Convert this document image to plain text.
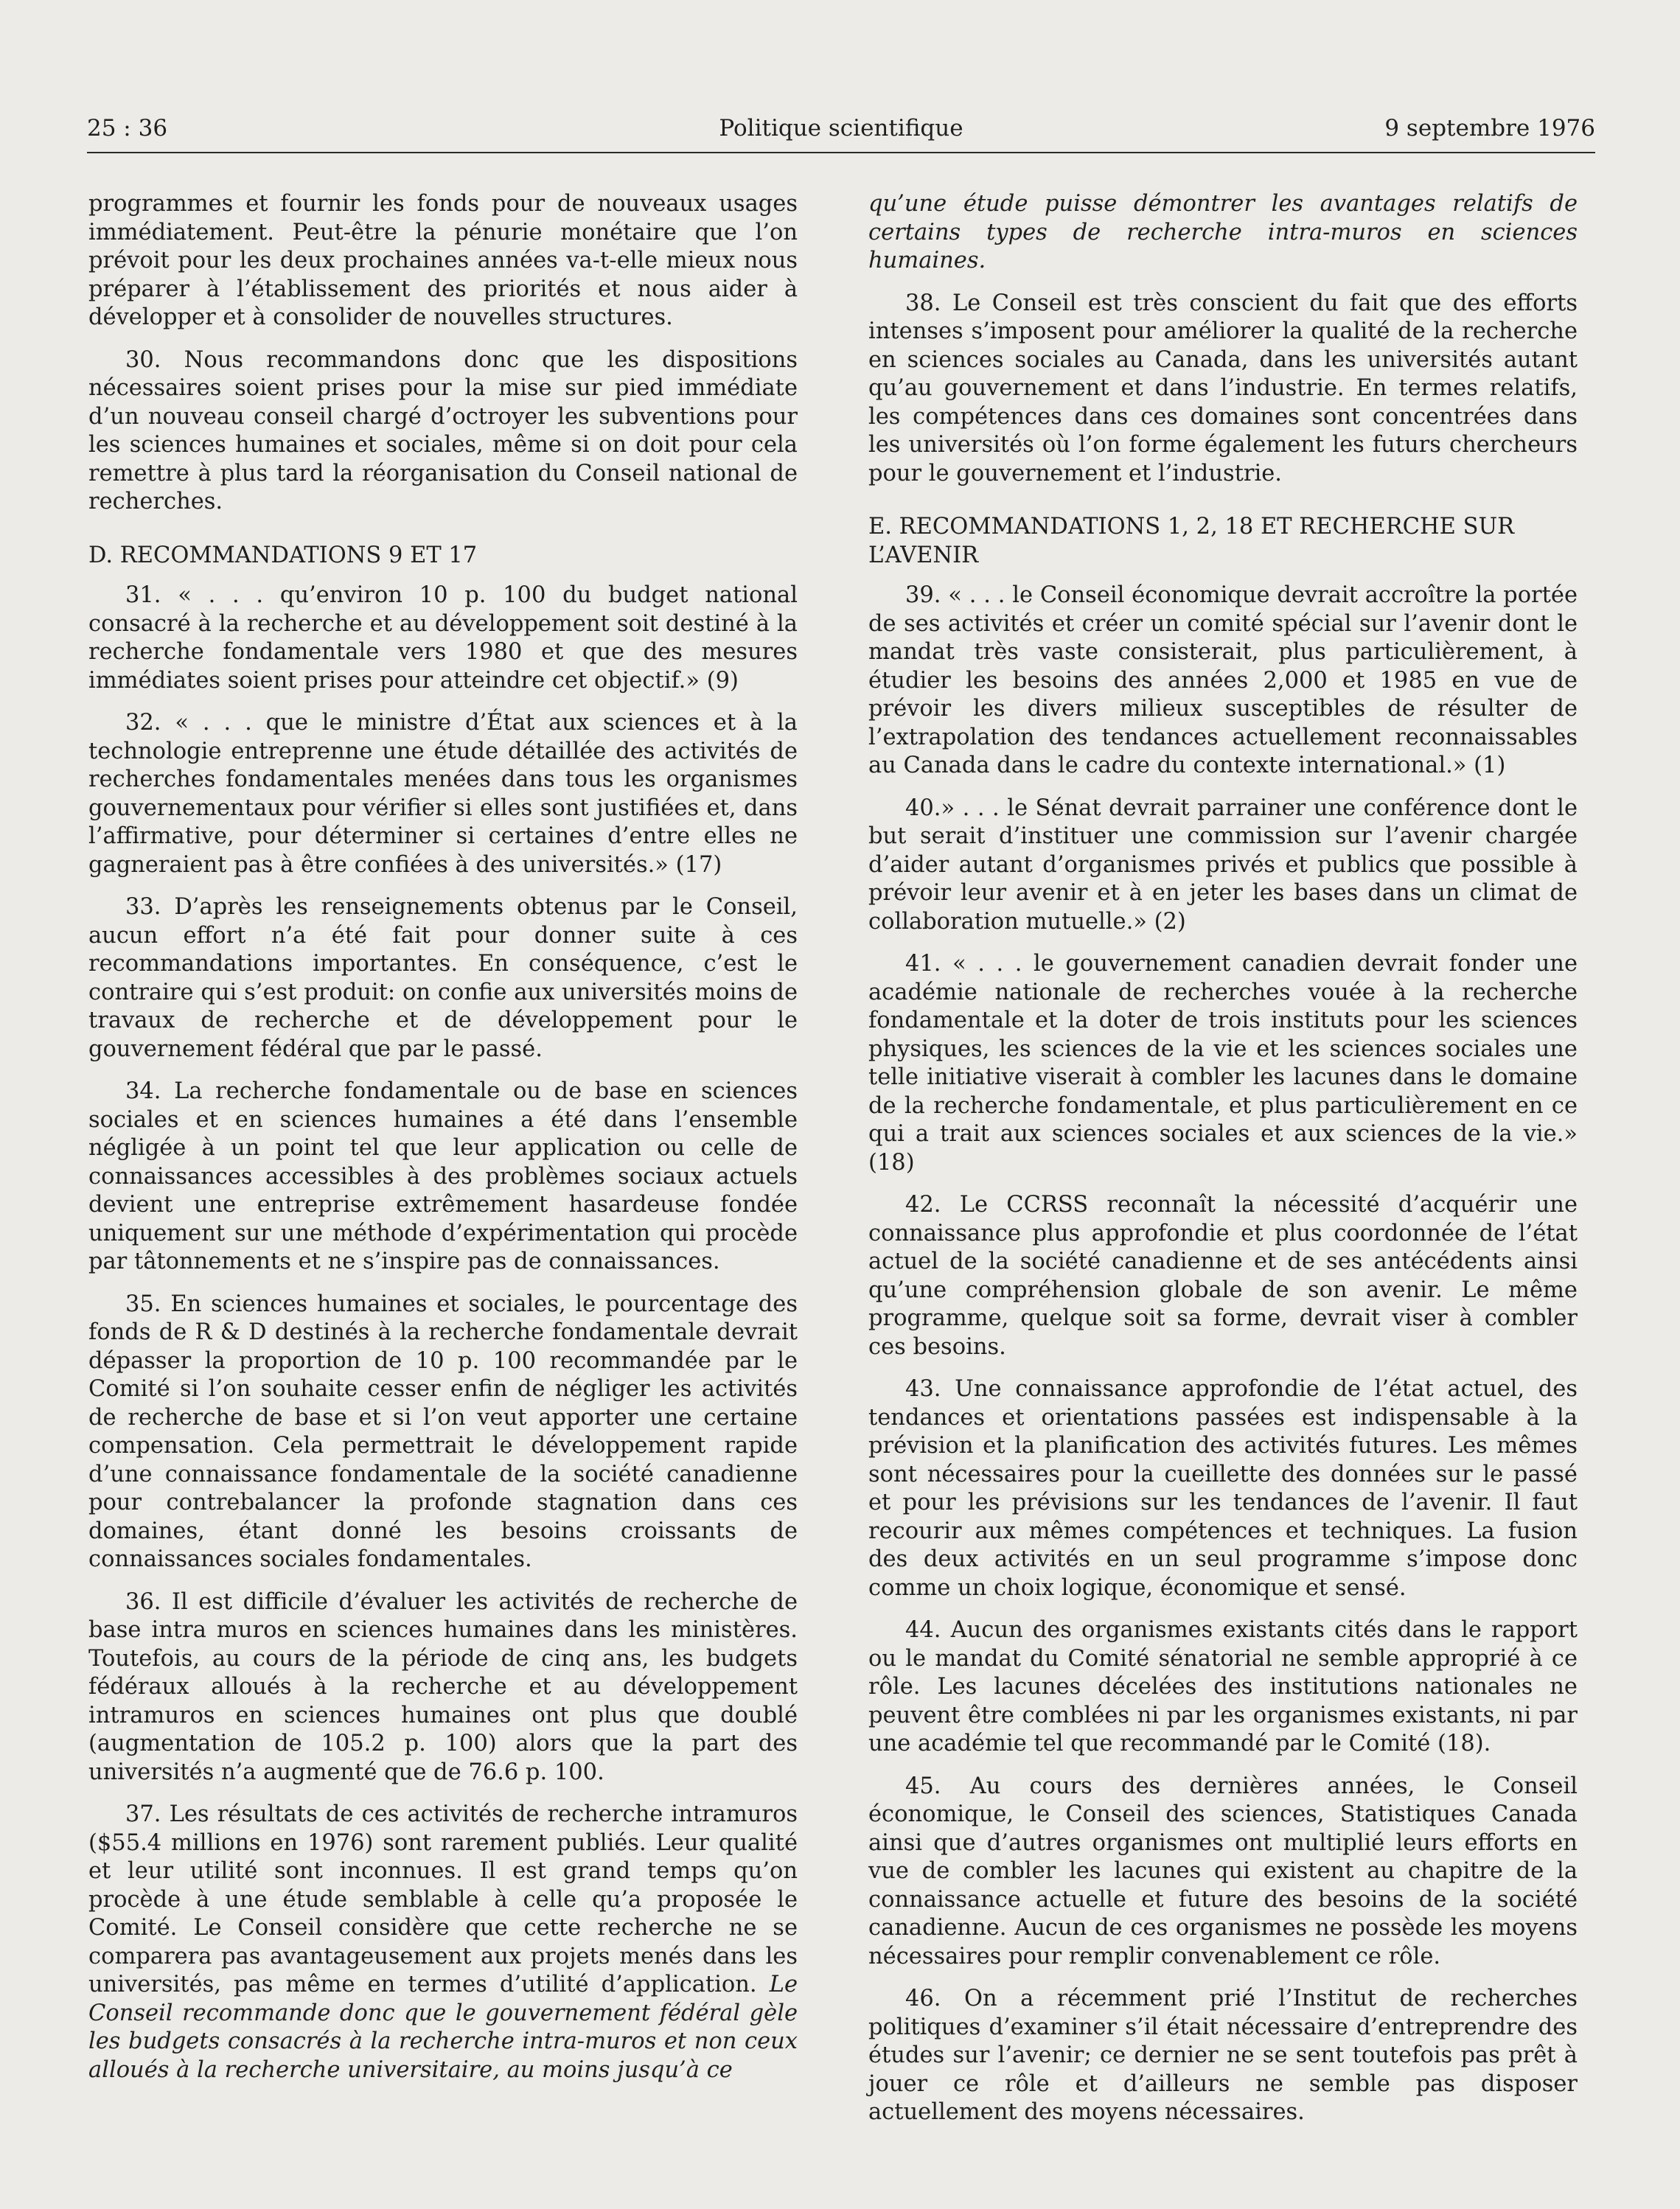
25 : 36	Politique scientifique	9 septembre 1976

programmes et fournir les fonds pour de nouveaux usages immédiatement. Peut-être la pénurie monétaire que l’on prévoit pour les deux prochaines années va-t-elle mieux nous préparer à l’établissement des priorités et nous aider à développer et à consolider de nouvelles structures.

30. Nous recommandons donc que les dispositions nécessaires soient prises pour la mise sur pied immédiate d’un nouveau conseil chargé d’octroyer les subventions pour les sciences humaines et sociales, même si on doit pour cela remettre à plus tard la réorganisation du Conseil national de recherches.

D. RECOMMANDATIONS 9 ET 17

31. « . . . qu’environ 10 p. 100 du budget national consacré à la recherche et au développement soit destiné à la recherche fondamentale vers 1980 et que des mesures immédiates soient prises pour atteindre cet objectif.» (9)

32. « . . . que le ministre d’État aux sciences et à la technologie entreprenne une étude détaillée des activités de recherches fondamentales menées dans tous les organismes gouvernementaux pour vérifier si elles sont justifiées et, dans l’affirmative, pour déterminer si certaines d’entre elles ne gagneraient pas à être confiées à des universités.» (17)

33. D’après les renseignements obtenus par le Conseil, aucun effort n’a été fait pour donner suite à ces recommandations importantes. En conséquence, c’est le contraire qui s’est produit: on confie aux universités moins de travaux de recherche et de développement pour le gouvernement fédéral que par le passé.

34. La recherche fondamentale ou de base en sciences sociales et en sciences humaines a été dans l’ensemble négligée à un point tel que leur application ou celle de connaissances accessibles à des problèmes sociaux actuels devient une entreprise extrêmement hasardeuse fondée uniquement sur une méthode d’expérimentation qui procède par tâtonnements et ne s’inspire pas de connaissances.

35. En sciences humaines et sociales, le pourcentage des fonds de R & D destinés à la recherche fondamentale devrait dépasser la proportion de 10 p. 100 recommandée par le Comité si l’on souhaite cesser enfin de négliger les activités de recherche de base et si l’on veut apporter une certaine compensation. Cela permettrait le développement rapide d’une connaissance fondamentale de la société canadienne pour contrebalancer la profonde stagnation dans ces domaines, étant donné les besoins croissants de connaissances sociales fondamentales.

36. Il est difficile d’évaluer les activités de recherche de base intra muros en sciences humaines dans les ministères. Toutefois, au cours de la période de cinq ans, les budgets fédéraux alloués à la recherche et au développement intramuros en sciences humaines ont plus que doublé (augmentation de 105.2 p. 100) alors que la part des universités n’a augmenté que de 76.6 p. 100.

37. Les résultats de ces activités de recherche intramuros ($55.4 millions en 1976) sont rarement publiés. Leur qualité et leur utilité sont inconnues. Il est grand temps qu’on procède à une étude semblable à celle qu’a proposée le Comité. Le Conseil considère que cette recherche ne se comparera pas avantageusement aux projets menés dans les universités, pas même en termes d’utilité d’application. Le Conseil recommande donc que le gouvernement fédéral gèle les budgets consacrés à la recherche intra-muros et non ceux alloués à la recherche universitaire, au moins jusqu’à ce

qu’une étude puisse démontrer les avantages relatifs de certains types de recherche intra-muros en sciences humaines.

38. Le Conseil est très conscient du fait que des efforts intenses s’imposent pour améliorer la qualité de la recherche en sciences sociales au Canada, dans les universités autant qu’au gouvernement et dans l’industrie. En termes relatifs, les compétences dans ces domaines sont concentrées dans les universités où l’on forme également les futurs chercheurs pour le gouvernement et l’industrie.

E. RECOMMANDATIONS 1, 2, 18 ET RECHERCHE SUR L’AVENIR

39. « . . . le Conseil économique devrait accroître la portée de ses activités et créer un comité spécial sur l’avenir dont le mandat très vaste consisterait, plus particulièrement, à étudier les besoins des années 2,000 et 1985 en vue de prévoir les divers milieux susceptibles de résulter de l’extrapolation des tendances actuellement reconnaissables au Canada dans le cadre du contexte international.» (1)

40.» . . . le Sénat devrait parrainer une conférence dont le but serait d’instituer une commission sur l’avenir chargée d’aider autant d’organismes privés et publics que possible à prévoir leur avenir et à en jeter les bases dans un climat de collaboration mutuelle.» (2)

41. « . . . le gouvernement canadien devrait fonder une académie nationale de recherches vouée à la recherche fondamentale et la doter de trois instituts pour les sciences physiques, les sciences de la vie et les sciences sociales une telle initiative viserait à combler les lacunes dans le domaine de la recherche fondamentale, et plus particulièrement en ce qui a trait aux sciences sociales et aux sciences de la vie.» (18)

42. Le CCRSS reconnaît la nécessité d’acquérir une connaissance plus approfondie et plus coordonnée de l’état actuel de la société canadienne et de ses antécédents ainsi qu’une compréhension globale de son avenir. Le même programme, quelque soit sa forme, devrait viser à combler ces besoins.

43. Une connaissance approfondie de l’état actuel, des tendances et orientations passées est indispensable à la prévision et la planification des activités futures. Les mêmes sont nécessaires pour la cueillette des données sur le passé et pour les prévisions sur les tendances de l’avenir. Il faut recourir aux mêmes compétences et techniques. La fusion des deux activités en un seul programme s’impose donc comme un choix logique, économique et sensé.

44. Aucun des organismes existants cités dans le rapport ou le mandat du Comité sénatorial ne semble approprié à ce rôle. Les lacunes décelées des institutions nationales ne peuvent être comblées ni par les organismes existants, ni par une académie tel que recommandé par le Comité (18).

45. Au cours des dernières années, le Conseil économique, le Conseil des sciences, Statistiques Canada ainsi que d’autres organismes ont multiplié leurs efforts en vue de combler les lacunes qui existent au chapitre de la connaissance actuelle et future des besoins de la société canadienne. Aucun de ces organismes ne possède les moyens nécessaires pour remplir convenablement ce rôle.

46. On a récemment prié l’Institut de recherches politiques d’examiner s’il était nécessaire d’entreprendre des études sur l’avenir; ce dernier ne se sent toutefois pas prêt à jouer ce rôle et d’ailleurs ne semble pas disposer actuellement des moyens nécessaires.
